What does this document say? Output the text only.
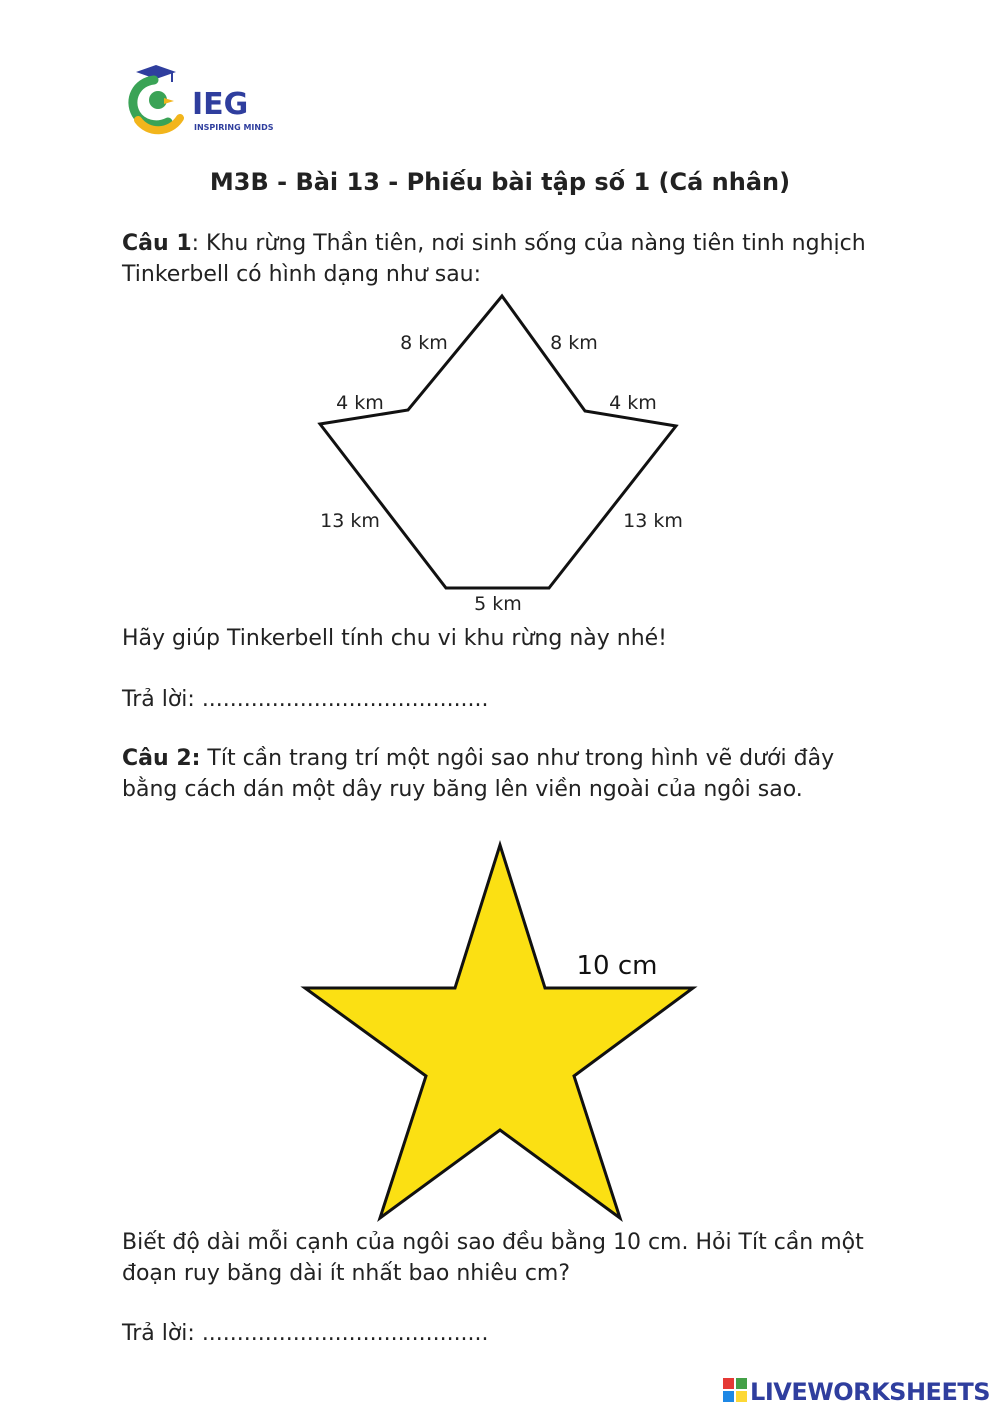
IEG
INSPIRING MINDS
M3B - Bài 13 - Phiếu bài tập số 1 (Cá nhân)
Câu 1: Khu rừng Thần tiên, nơi sinh sống của nàng tiên tinh nghịch Tinkerbell có hình dạng như sau:
8 km	8 km
4 km	4 km
13 km	13 km
5 km
10 cm
Hãy giúp Tinkerbell tính chu vi khu rừng này nhé!
Trả lời: .........................................
Câu 2: Tít cần trang trí một ngôi sao như trong hình vẽ dưới đây bằng cách dán một dây ruy băng lên viền ngoài của ngôi sao.
Biết độ dài mỗi cạnh của ngôi sao đều bằng 10 cm. Hỏi Tít cần một đoạn ruy băng dài ít nhất bao nhiêu cm?
Trả lời: .........................................
LIVEWORKSHEETS
